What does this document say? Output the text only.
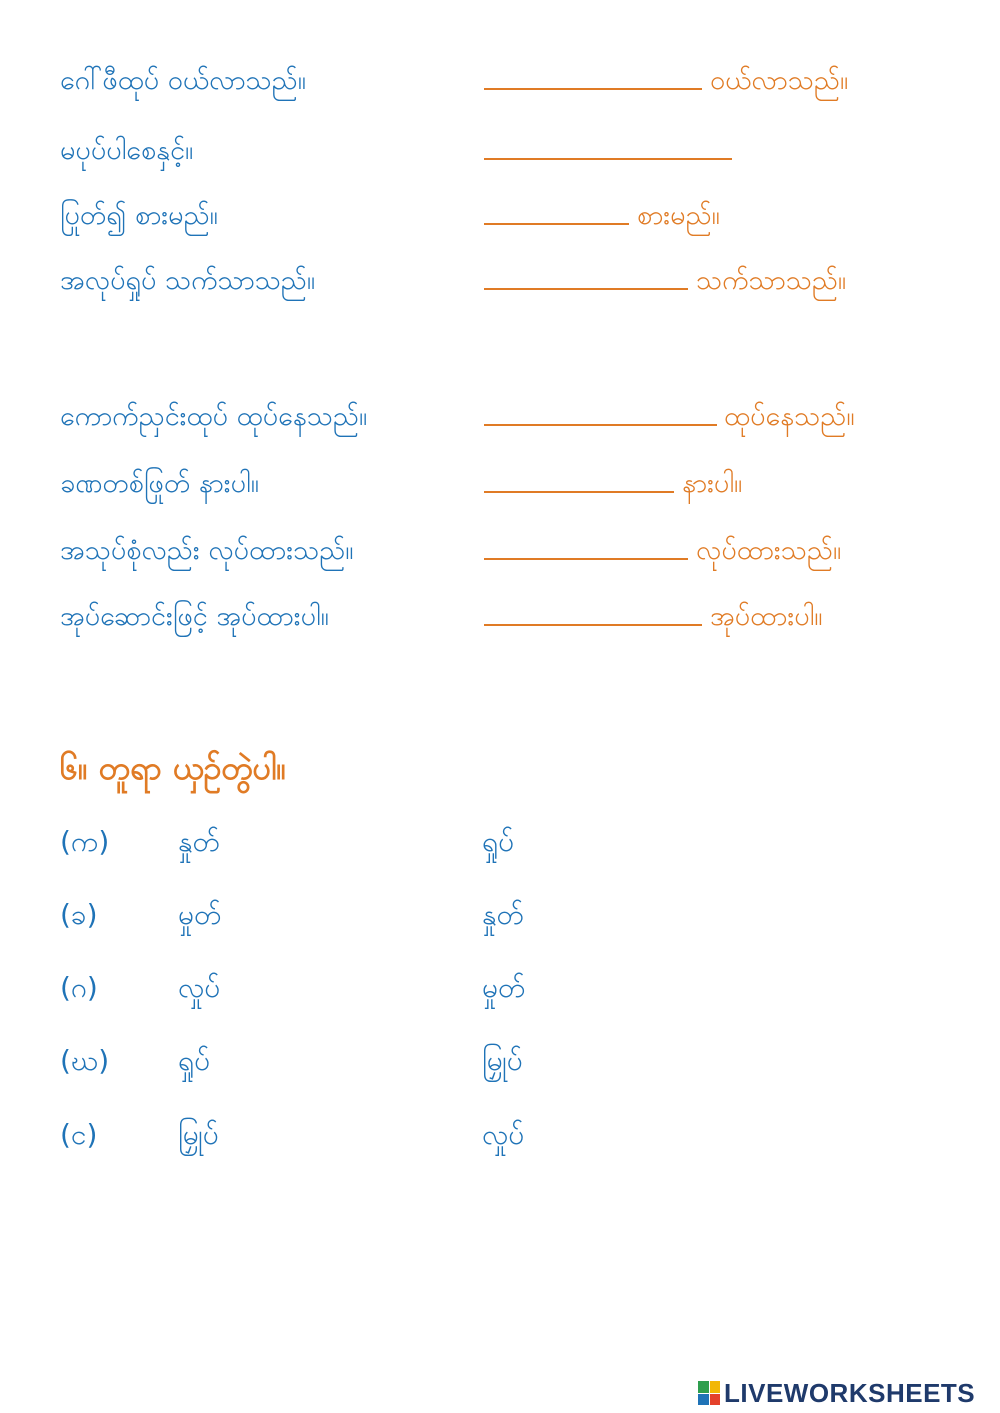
ဂေါ်ဖီထုပ် ဝယ်လာသည်။	ဝယ်လာသည်။
မပုပ်ပါစေနှင့်။
ပြုတ်၍ စားမည်။	စားမည်။
အလုပ်ရှုပ် သက်သာသည်။	သက်သာသည်။
ကောက်ညှင်းထုပ် ထုပ်နေသည်။	ထုပ်နေသည်။
ခဏတစ်ဖြုတ် နားပါ။	နားပါ။
အသုပ်စုံလည်း လုပ်ထားသည်။	လုပ်ထားသည်။
အုပ်ဆောင်းဖြင့် အုပ်ထားပါ။	အုပ်ထားပါ။
၆။ တူရာ ယှဉ်တွဲပါ။
(က) နှုတ်	ရှုပ်
(ခ)	မှုတ်	နှုတ်
(ဂ)	လှုပ်	မှုတ်
(ဃ) ရှုပ်	မြှုပ်
(င)	မြှုပ်	လှုပ်
LIVEWORKSHEETS
